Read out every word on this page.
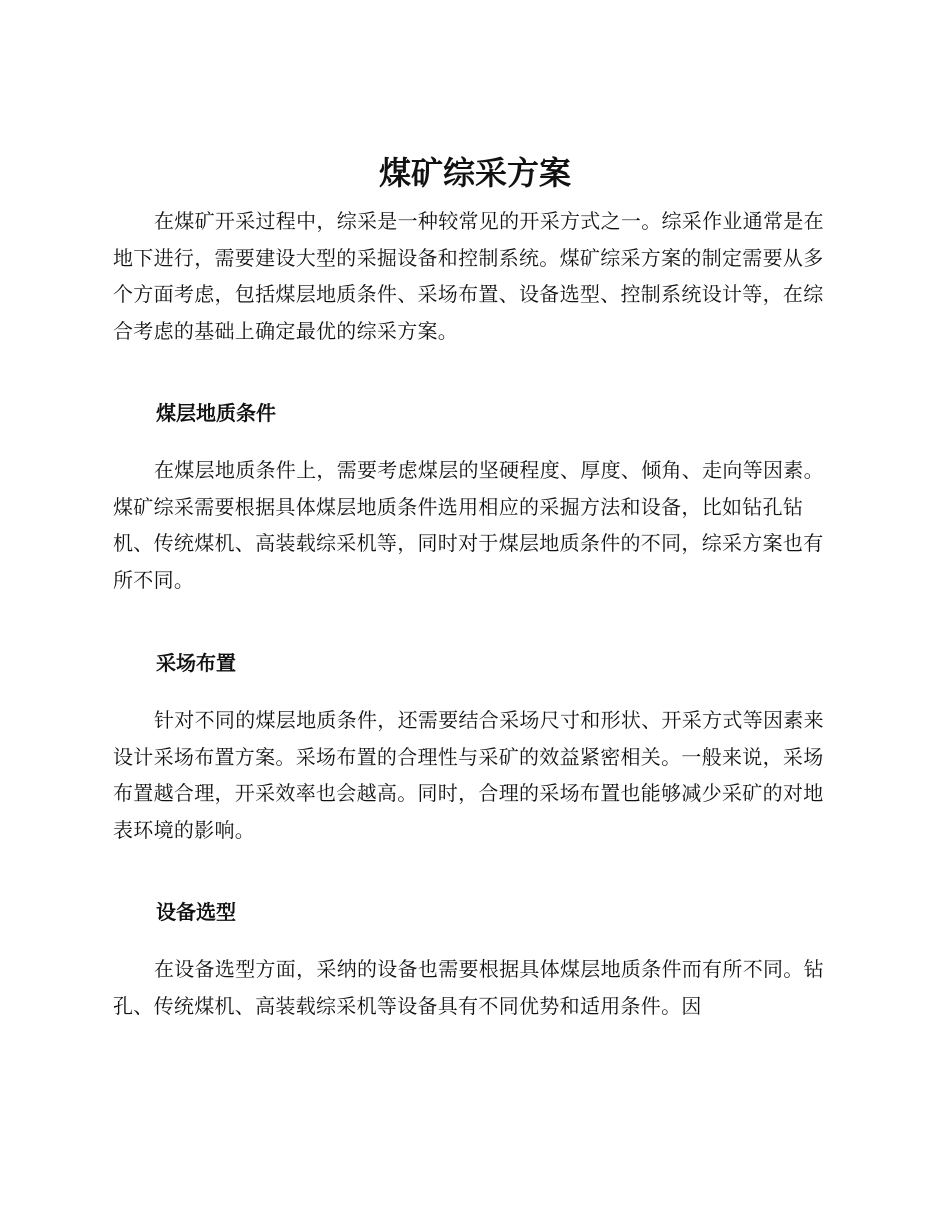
煤矿综采方案

在煤矿开采过程中，综采是一种较常见的开采方式之一。综采作业通常是在地下进行，需要建设大型的采掘设备和控制系统。煤矿综采方案的制定需要从多个方面考虑，包括煤层地质条件、采场布置、设备选型、控制系统设计等，在综合考虑的基础上确定最优的综采方案。

煤层地质条件

在煤层地质条件上，需要考虑煤层的坚硬程度、厚度、倾角、走向等因素。煤矿综采需要根据具体煤层地质条件选用相应的采掘方法和设备，比如钻孔钻机、传统煤机、高装载综采机等，同时对于煤层地质条件的不同，综采方案也有所不同。

采场布置

针对不同的煤层地质条件，还需要结合采场尺寸和形状、开采方式等因素来设计采场布置方案。采场布置的合理性与采矿的效益紧密相关。一般来说，采场布置越合理，开采效率也会越高。同时，合理的采场布置也能够减少采矿的对地表环境的影响。

设备选型

在设备选型方面，采纳的设备也需要根据具体煤层地质条件而有所不同。钻孔、传统煤机、高装载综采机等设备具有不同优势和适用条件。因
